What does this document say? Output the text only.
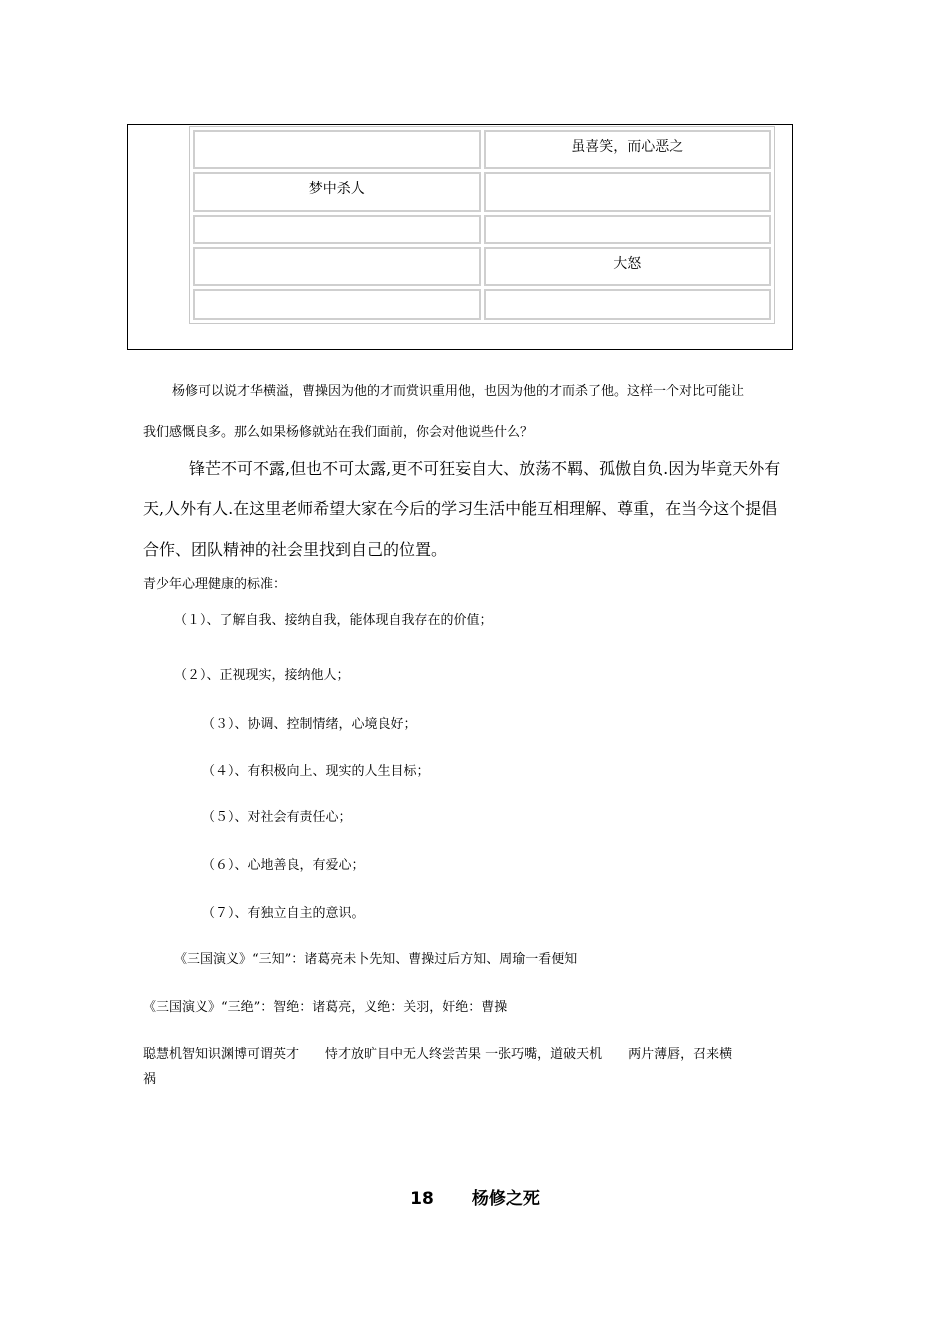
	虽喜笑，而心恶之
梦中杀人	

	大怒

杨修可以说才华横溢，曹操因为他的才而赏识重用他，也因为他的才而杀了他。这样一个对比可能让
我们感慨良多。那么如果杨修就站在我们面前，你会对他说些什么？
锋芒不可不露,但也不可太露,更不可狂妄自大、放荡不羁、孤傲自负.因为毕竟天外有
天,人外有人.在这里老师希望大家在今后的学习生活中能互相理解、尊重，在当今这个提倡
合作、团队精神的社会里找到自己的位置。
青少年心理健康的标准：
（１）、了解自我、接纳自我，能体现自我存在的价值；
（２）、正视现实，接纳他人；
（３）、协调、控制情绪，心境良好；
（４）、有积极向上、现实的人生目标；
（５）、对社会有责任心；
（６）、心地善良，有爱心；
（７）、有独立自主的意识。
《三国演义》“三知”：诸葛亮未卜先知、曹操过后方知、周瑜一看便知
《三国演义》“三绝”：智绝：诸葛亮，义绝：关羽，奸绝：曹操
聪慧机智知识渊博可谓英才　　恃才放旷目中无人终尝苦果 一张巧嘴，道破天机　　两片薄唇，召来横
祸
18 杨修之死
